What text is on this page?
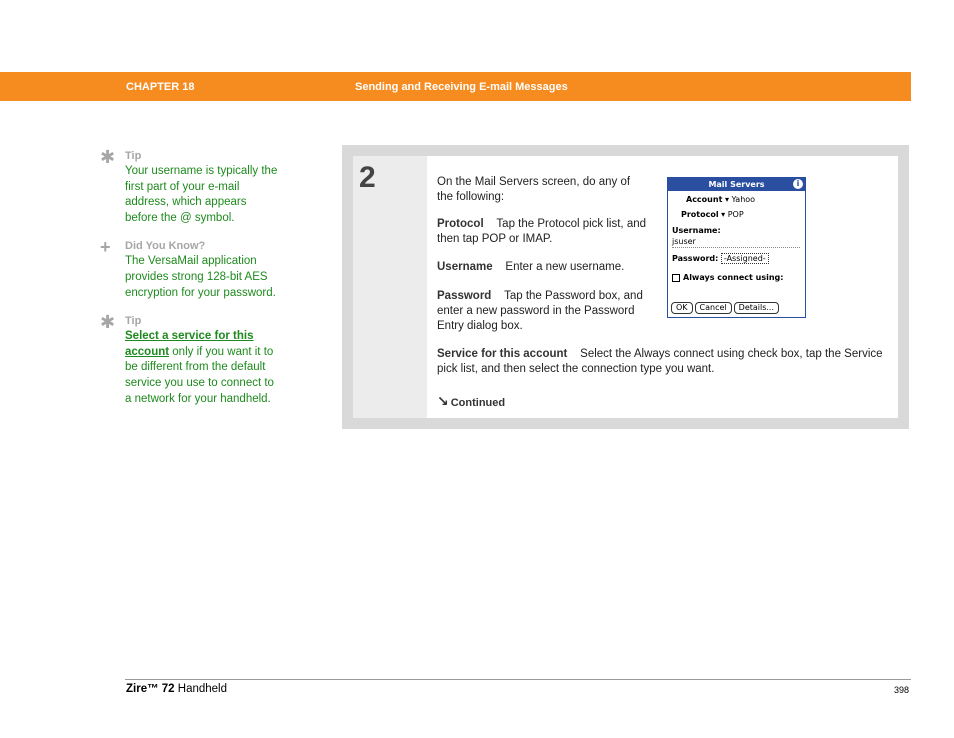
CHAPTER 18	Sending and Receiving E-mail Messages
✱ Tip
Your username is typically the first part of your e-mail address, which appears before the @ symbol.
+	Did You Know?
The VersaMail application provides strong 128-bit AES encryption for your password.
✱ Tip
Select a service for this account only if you want it to be different from the default service you use to connect to a network for your handheld.
2	On the Mail Servers screen, do any of the following:
Protocol Tap the Protocol pick list, and then tap POP or IMAP.
Username Enter a new username.
Password Tap the Password box, and enter a new password in the Password Entry dialog box.
Service for this account Select the Always connect using check box, tap the Service pick list, and then select the connection type you want.
↘ Continued
Mail Servers	i
Account ▾ Yahoo
Protocol ▾ POP
Username:
jsuser
Password: -Assigned-
Always connect using:
OK Cancel Details...
Zire™ 72 Handheld	398
